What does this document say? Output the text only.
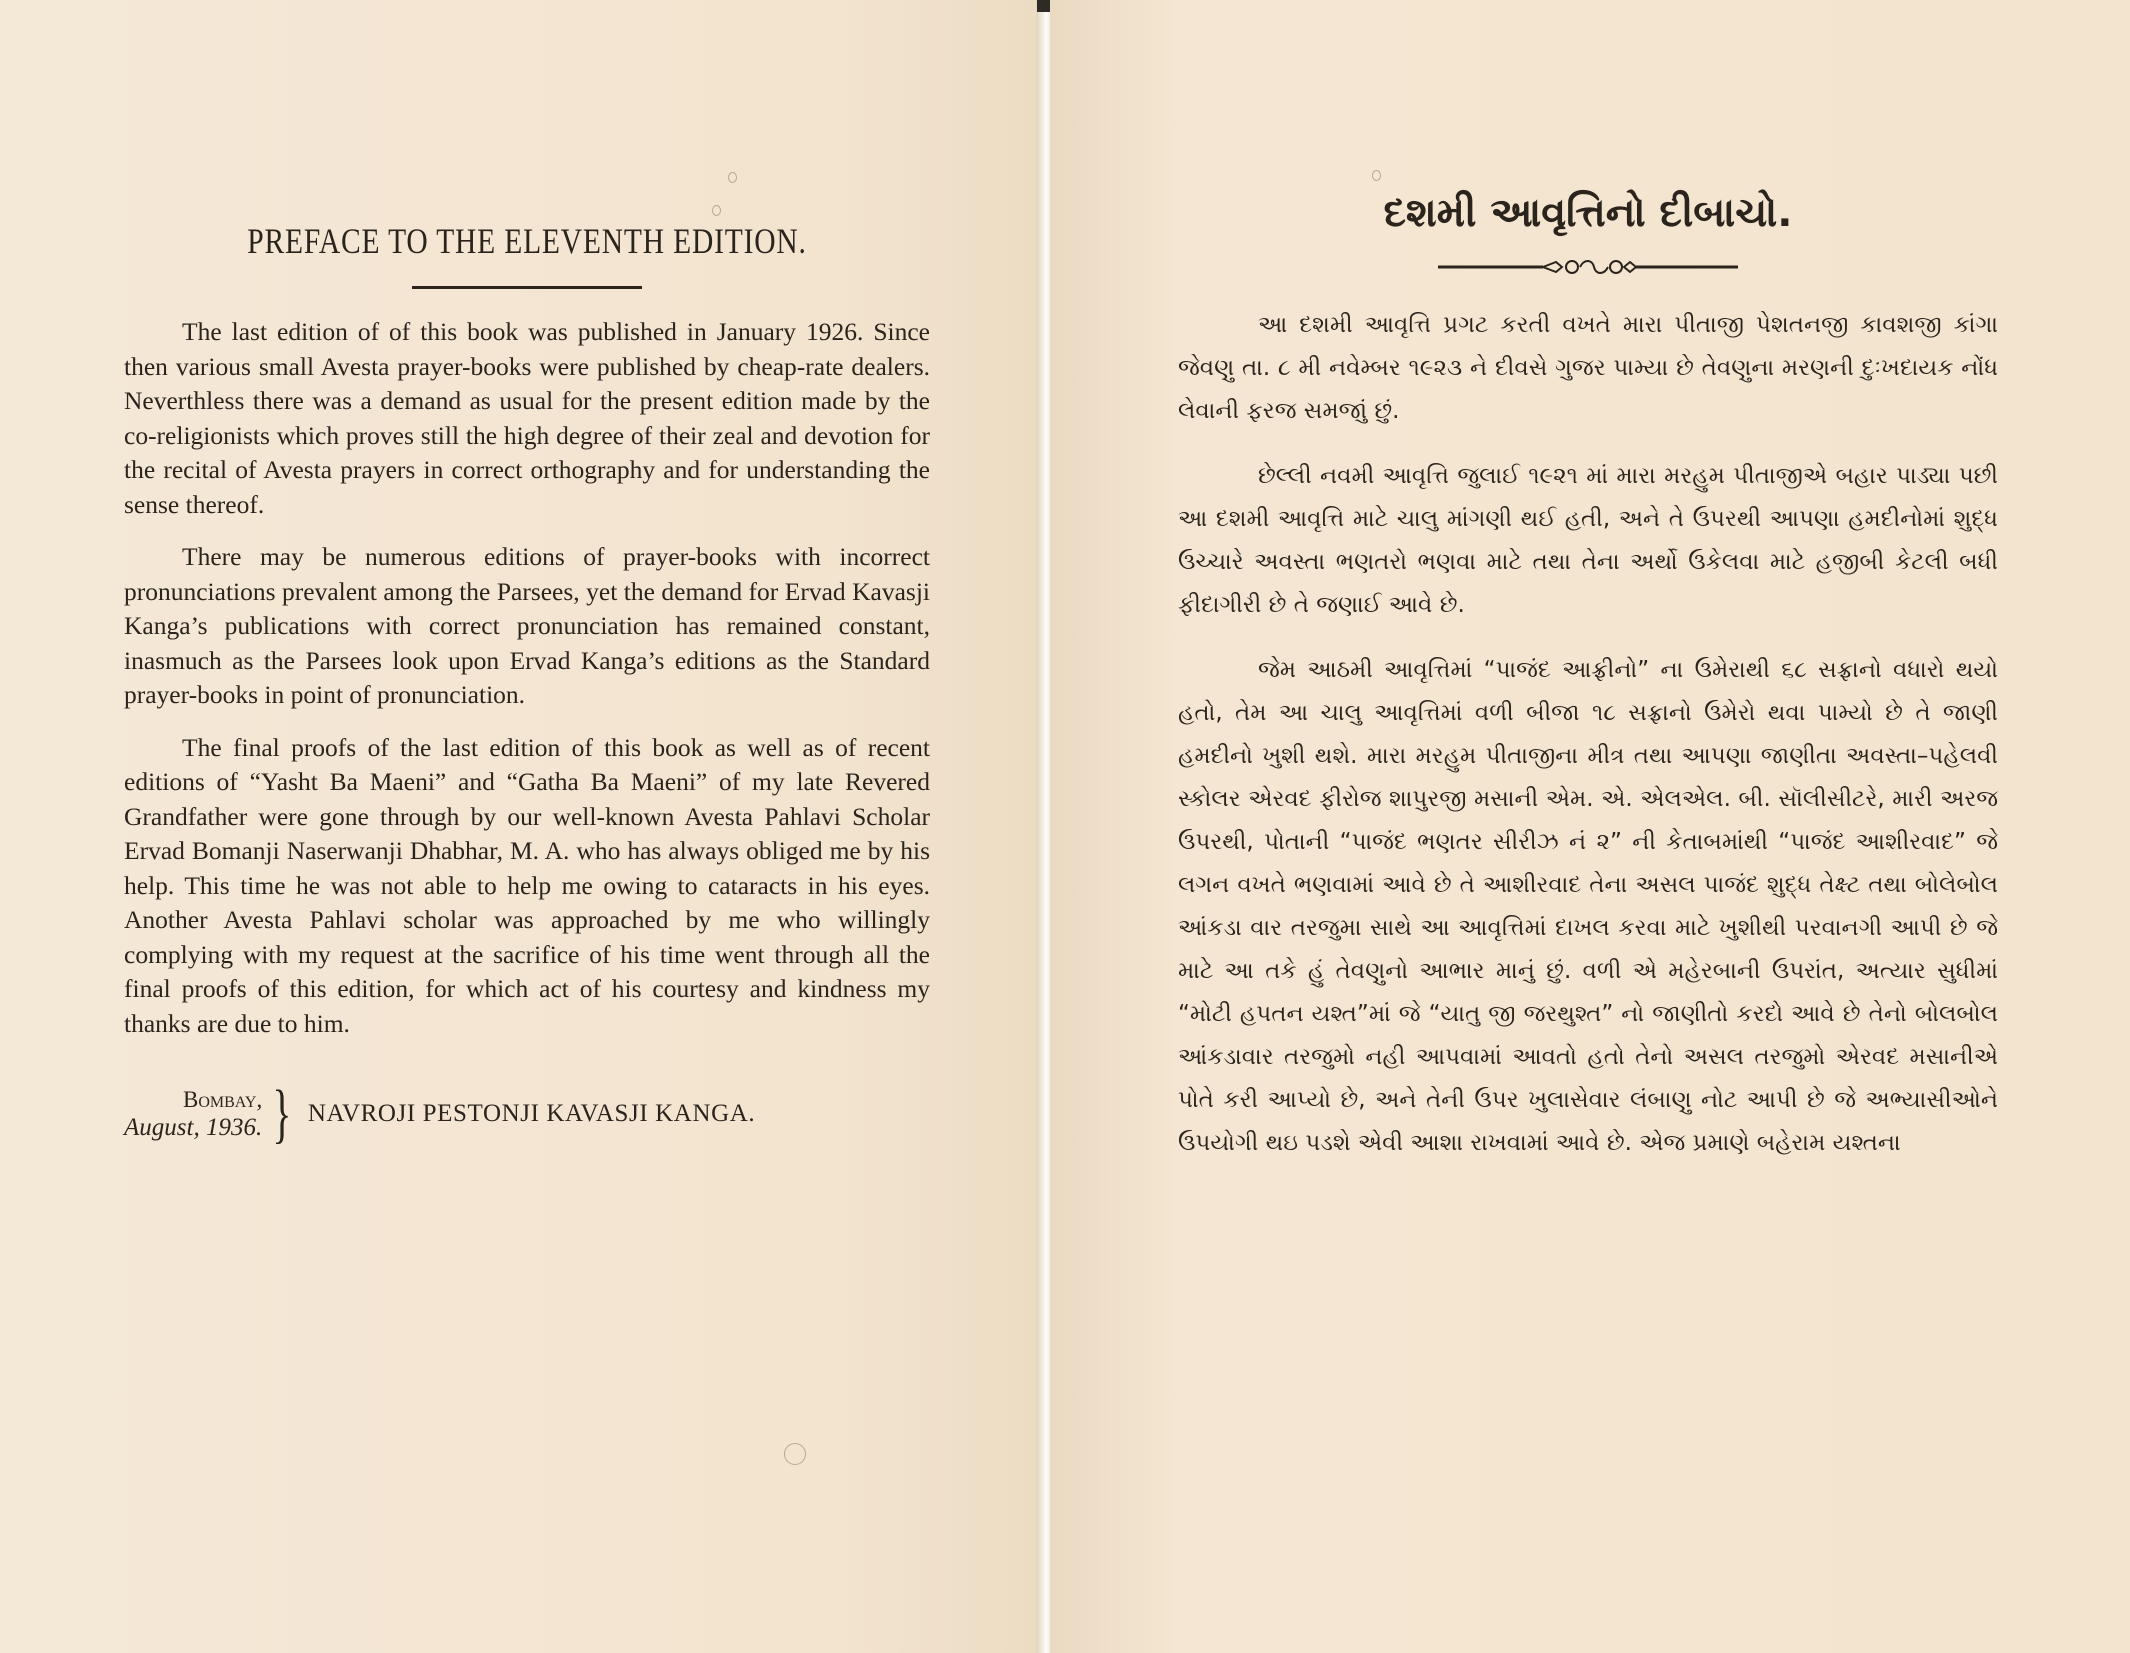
PREFACE TO THE ELEVENTH EDITION.

The last edition of of this book was published in January 1926. Since then various small Avesta prayer-books were published by cheap-rate dealers. Neverthless there was a demand as usual for the present edition made by the co-religionists which proves still the high degree of their zeal and devotion for the recital of Avesta prayers in correct orthography and for understanding the sense thereof.

There may be numerous editions of prayer-books with incorrect pronunciations prevalent among the Parsees, yet the demand for Ervad Kavasji Kanga’s publications with correct pronunciation has remained constant, inasmuch as the Parsees look upon Ervad Kanga’s editions as the Standard prayer-books in point of pronunciation.

The final proofs of the last edition of this book as well as of recent editions of “Yasht Ba Maeni” and “Gatha Ba Maeni” of my late Revered Grandfather were gone through by our well-known Avesta Pahlavi Scholar Ervad Bomanji Naserwanji Dhabhar, M. A. who has always obliged me by his help. This time he was not able to help me owing to cataracts in his eyes. Another Avesta Pahlavi scholar was approached by me who willingly complying with my request at the sacrifice of his time went through all the final proofs of this edition, for which act of his courtesy and kindness my thanks are due to him.

Bombay,
August, 1936. } NAVROJI PESTONJI KAVASJI KANGA.
દશમી આવૃત્તિનો દીબાચો.

આ દશમી આવૃત્તિ પ્રગટ કરતી વખતે મારા પીતાજી પેશતનજી કાવશજી કાંગા જેવણુ તા. ૮ મી નવેમ્બર ૧૯૨૩ ને દીવસે ગુજર પામ્યા છે તેવણુના મરણની દુઃખદાયક નોંધ લેવાની ફરજ સમજાું છું.

છેલ્લી નવમી આવૃત્તિ જુલાઈ ૧૯૨૧ માં મારા મરહુમ પીતાજીએ બહાર પાડ્યા પછી આ દશમી આવૃત્તિ માટે ચાલુ માંગણી થઈ હતી, અને તે ઉપરથી આપણા હમદીનોમાં શુદ્ધ ઉચ્ચારે અવસ્તા ભણતરો ભણવા માટે તથા તેના અર્થો ઉકેલવા માટે હજીબી કેટલી બધી ફીદાગીરી છે તે જણાઈ આવે છે.

જેમ આઠમી આવૃત્તિમાં “પાજંદ આફ્રીનો” ના ઉમેરાથી ૬૮ સફ્રાનો વધારો થયો હતો, તેમ આ ચાલુ આવૃત્તિમાં વળી બીજા ૧૮ સફ્રાનો ઉમેરો થવા પામ્યો છે તે જાણી હમદીનો ખુશી થશે. મારા મરહુમ પીતાજીના મીત્ર તથા આપણા જાણીતા અવસ્તા–પહેલવી સ્કોલર એરવદ ફીરોજ શાપુરજી મસાની એમ. એ. એલએલ. બી. સૉલીસીટરે, મારી અરજ ઉપરથી, પોતાની “પાજંદ ભણતર સીરીઝ નં ૨” ની કેતાબમાંથી “પાજંદ આશીરવાદ” જે લગન વખતે ભણવામાં આવે છે તે આશીરવાદ તેના અસલ પાજંદ શુદ્ધ તેક્ષ્ટ તથા બોલેબોલ આંકડા વાર તરજુમા સાથે આ આવૃત્તિમાં દાખલ કરવા માટે ખુશીથી પરવાનગી આપી છે જે માટે આ તકે હું તેવણુનો આભાર માનું છું. વળી એ મહેરબાની ઉપરાંત, અત્યાર સુધીમાં “મોટી હપતન યશ્ત”માં જે “યાતુ જી જરથુશ્ત” નો જાણીતો કરદો આવે છે તેનો બોલબોલ આંકડાવાર તરજુમો નહી આપવામાં આવતો હતો તેનો અસલ તરજુમો એરવદ મસાનીએ પોતે કરી આપ્યો છે, અને તેની ઉપર ખુલાસેવાર લંબાણુ નોટ આપી છે જે અભ્યાસીઓને ઉપયોગી થઇ પડશે એવી આશા રાખવામાં આવે છે. એજ પ્રમાણે બહેરામ યશ્તના
